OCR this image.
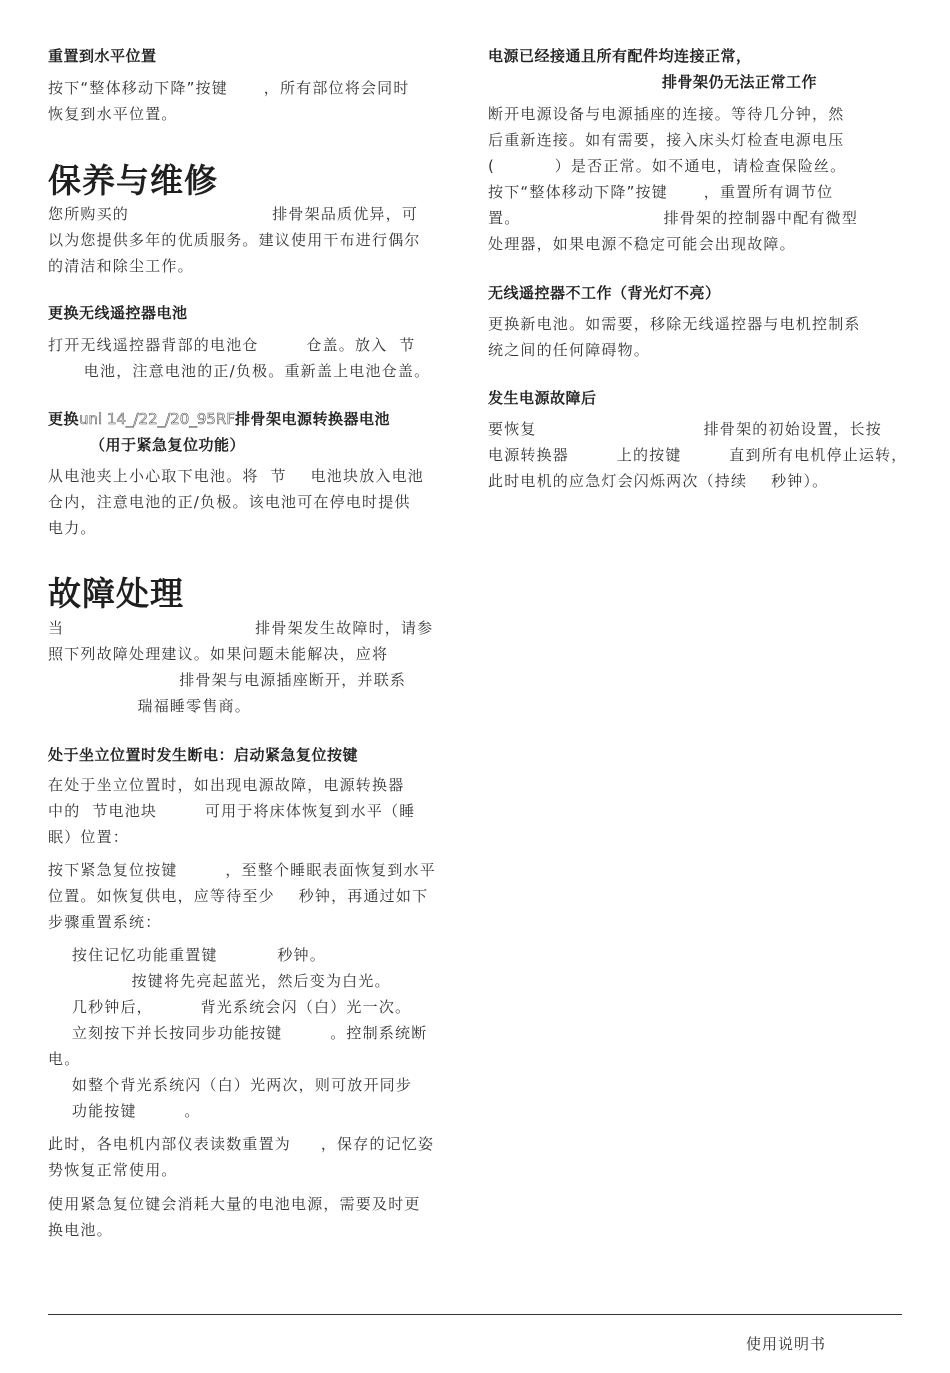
重置到水平位置
按下“整体移动下降”按键      ，所有部位将会同时
恢复到水平位置。
保养与维修
您所购买的                        排骨架品质优异，可
以为您提供多年的优质服务。建议使用干布进行偶尔
的清洁和除尘工作。
更换无线遥控器电池
打开无线遥控器背部的电池仓        仓盖。放入  节
电池，注意电池的正/负极。重新盖上电池仓盖。
更换uni 14_/22_/20_95RF排骨架电源转换器电池
（用于紧急复位功能）
从电池夹上小心取下电池。将  节    电池块放入电池
仓内，注意电池的正/负极。该电池可在停电时提供
电力。
故障处理
当                                排骨架发生故障时，请参
照下列故障处理建议。如果问题未能解决，应将
排骨架与电源插座断开，并联系
瑞福睡零售商。
处于坐立位置时发生断电：启动紧急复位按键
在处于坐立位置时，如出现电源故障，电源转换器
中的  节电池块        可用于将床体恢复到水平（睡
眠）位置：
按下紧急复位按键        ，至整个睡眠表面恢复到水平
位置。如恢复供电，应等待至少    秒钟，再通过如下
步骤重置系统：
按住记忆功能重置键          秒钟。
按键将先亮起蓝光，然后变为白光。
几秒钟后，        背光系统会闪（白）光一次。
立刻按下并长按同步功能按键        。控制系统断
电。
如整个背光系统闪（白）光两次，则可放开同步
功能按键        。
此时，各电机内部仪表读数重置为     ，保存的记忆姿
势恢复正常使用。
使用紧急复位键会消耗大量的电池电源，需要及时更
换电池。
电源已经接通且所有配件均连接正常，
排骨架仍无法正常工作
断开电源设备与电源插座的连接。等待几分钟，然
后重新连接。如有需要，接入床头灯检查电源电压
(          ）是否正常。如不通电，请检查保险丝。
按下“整体移动下降”按键      ，重置所有调节位
置。                        排骨架的控制器中配有微型
处理器，如果电源不稳定可能会出现故障。
无线遥控器不工作（背光灯不亮）
更换新电池。如需要，移除无线遥控器与电机控制系
统之间的任何障碍物。
发生电源故障后
要恢复                            排骨架的初始设置，长按
电源转换器        上的按键        直到所有电机停止运转，
此时电机的应急灯会闪烁两次（持续    秒钟）。
使用说明书
